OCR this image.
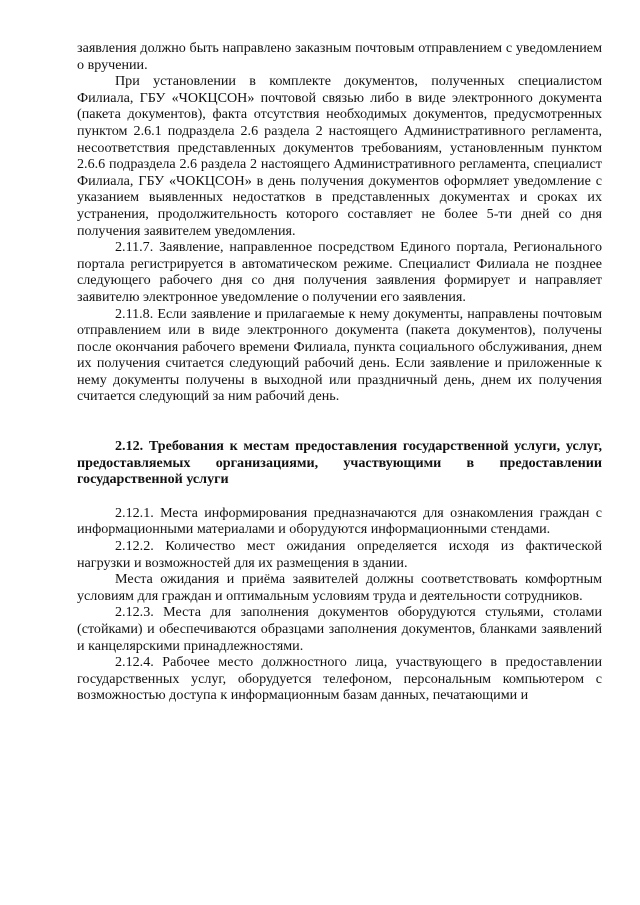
заявления должно быть направлено заказным почтовым отправлением с уведомлением о вручении.

При установлении в комплекте документов, полученных специалистом Филиала, ГБУ «ЧОКЦСОН» почтовой связью либо в виде электронного документа (пакета документов), факта отсутствия необходимых документов, предусмотренных пунктом 2.6.1 подраздела 2.6 раздела 2 настоящего Административного регламента, несоответствия представленных документов требованиям, установленным пунктом 2.6.6 подраздела 2.6 раздела 2 настоящего Административного регламента, специалист Филиала, ГБУ «ЧОКЦСОН» в день получения документов оформляет уведомление с указанием выявленных недостатков в представленных документах и сроках их устранения, продолжительность которого составляет не более 5-ти дней со дня получения заявителем уведомления.

2.11.7. Заявление, направленное посредством Единого портала, Регионального портала регистрируется в автоматическом режиме. Специалист Филиала не позднее следующего рабочего дня со дня получения заявления формирует и направляет заявителю электронное уведомление о получении его заявления.

2.11.8. Если заявление и прилагаемые к нему документы, направлены почтовым отправлением или в виде электронного документа (пакета документов), получены после окончания рабочего времени Филиала, пункта социального обслуживания, днем их получения считается следующий рабочий день. Если заявление и приложенные к нему документы получены в выходной или праздничный день, днем их получения считается следующий за ним рабочий день.

2.12. Требования к местам предоставления государственной услуги, услуг, предоставляемых организациями, участвующими в предоставлении государственной услуги

2.12.1. Места информирования предназначаются для ознакомления граждан с информационными материалами и оборудуются информационными стендами.

2.12.2. Количество мест ожидания определяется исходя из фактической нагрузки и возможностей для их размещения в здании.

Места ожидания и приёма заявителей должны соответствовать комфортным условиям для граждан и оптимальным условиям труда и деятельности сотрудников.

2.12.3. Места для заполнения документов оборудуются стульями, столами (стойками) и обеспечиваются образцами заполнения документов, бланками заявлений и канцелярскими принадлежностями.

2.12.4. Рабочее место должностного лица, участвующего в предоставлении государственных услуг, оборудуется телефоном, персональным компьютером с возможностью доступа к информационным базам данных, печатающими и
